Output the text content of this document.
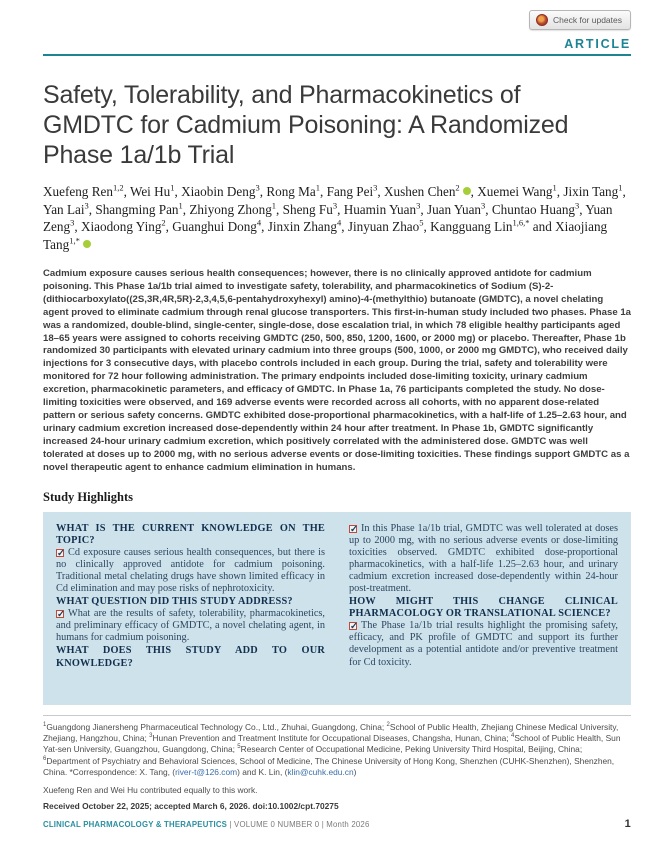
Check for updates
ARTICLE
Safety, Tolerability, and Pharmacokinetics of GMDTC for Cadmium Poisoning: A Randomized Phase 1a/1b Trial

Xuefeng Ren$^{1,2}$, Wei Hu$^1$, Xiaobin Deng$^3$, Rong Ma$^1$, Fang Pei$^3$, Xushen Chen$^2$ , Xuemei Wang$^1$, Jixin Tang$^1$, Yan Lai$^3$, Shangming Pan$^1$, Zhiyong Zhong$^1$, Sheng Fu$^3$, Huamin Yuan$^3$, Juan Yuan$^3$, Chuntao Huang$^3$, Yuan Zeng$^3$, Xiaodong Ying$^2$, Guanghui Dong$^4$, Jinxin Zhang$^4$, Jinyuan Zhao$^5$, Kangguang Lin$^{1,6,*}$ and Xiaojiang Tang$^{1,*}$

Cadmium exposure causes serious health consequences; however, there is no clinically approved antidote for cadmium poisoning. This Phase 1a/1b trial aimed to investigate safety, tolerability, and pharmacokinetics of Sodium (S)-2-(dithiocarboxylato((2S,3R,4R,5R)-2,3,4,5,6-pentahydroxyhexyl) amino)-4-(methylthio) butanoate (GMDTC), a novel chelating agent proved to eliminate cadmium through renal glucose transporters. This first-in-human study included two phases. Phase 1a was a randomized, double-blind, single-center, single-dose, dose escalation trial, in which 78 eligible healthy participants aged 18–65 years were assigned to cohorts receiving GMDTC (250, 500, 850, 1200, 1600, or 2000 mg) or placebo. Thereafter, Phase 1b randomized 30 participants with elevated urinary cadmium into three groups (500, 1000, or 2000 mg GMDTC), who received daily injections for 3 consecutive days, with placebo controls included in each group. During the trial, safety and tolerability were monitored for 72 hour following administration. The primary endpoints included dose-limiting toxicity, urinary cadmium excretion, pharmacokinetic parameters, and efficacy of GMDTC. In Phase 1a, 76 participants completed the study. No dose-limiting toxicities were observed, and 169 adverse events were recorded across all cohorts, with no apparent dose-related pattern or serious safety concerns. GMDTC exhibited dose-proportional pharmacokinetics, with a half-life of 1.25–2.63 hour, and urinary cadmium excretion increased dose-dependently within 24 hour after treatment. In Phase 1b, GMDTC significantly increased 24-hour urinary cadmium excretion, which positively correlated with the administered dose. GMDTC was well tolerated at doses up to 2000 mg, with no serious adverse events or dose-limiting toxicities. These findings support GMDTC as a novel therapeutic agent to enhance cadmium elimination in humans.

Study Highlights
WHAT IS THE CURRENT KNOWLEDGE ON THE TOPIC?
✓ Cd exposure causes serious health consequences, but there is no clinically approved antidote for cadmium poisoning. Traditional metal chelating drugs have shown limited efficacy in Cd elimination and may pose risks of nephrotoxicity.
WHAT QUESTION DID THIS STUDY ADDRESS?
✓ What are the results of safety, tolerability, pharmacokinetics, and preliminary efficacy of GMDTC, a novel chelating agent, in humans for cadmium poisoning.
WHAT DOES THIS STUDY ADD TO OUR KNOWLEDGE?
✓ In this Phase 1a/1b trial, GMDTC was well tolerated at doses up to 2000 mg, with no serious adverse events or dose-limiting toxicities observed. GMDTC exhibited dose-proportional pharmacokinetics, with a half-life 1.25–2.63 hour, and urinary cadmium excretion increased dose-dependently within 24-hour post-treatment.
HOW MIGHT THIS CHANGE CLINICAL PHARMACOLOGY OR TRANSLATIONAL SCIENCE?
✓ The Phase 1a/1b trial results highlight the promising safety, efficacy, and PK profile of GMDTC and support its further development as a potential antidote and/or preventive treatment for Cd toxicity.

$^1$Guangdong Jianersheng Pharmaceutical Technology Co., Ltd., Zhuhai, Guangdong, China; $^2$School of Public Health, Zhejiang Chinese Medical University, Zhejiang, Hangzhou, China; $^3$Hunan Prevention and Treatment Institute for Occupational Diseases, Changsha, Hunan, China; $^4$School of Public Health, Sun Yat-sen University, Guangzhou, Guangdong, China; $^5$Research Center of Occupational Medicine, Peking University Third Hospital, Beijing, China; $^6$Department of Psychiatry and Behavioral Sciences, School of Medicine, The Chinese University of Hong Kong, Shenzhen (CUHK-Shenzhen), Shenzhen, China. *Correspondence: X. Tang, (river-t@126.com) and K. Lin, (klin@cuhk.edu.cn)

Xuefeng Ren and Wei Hu contributed equally to this work.

Received October 22, 2025; accepted March 6, 2026. doi:10.1002/cpt.70275

CLINICAL PHARMACOLOGY & THERAPEUTICS | VOLUME 0 NUMBER 0 | Month 2026	1
